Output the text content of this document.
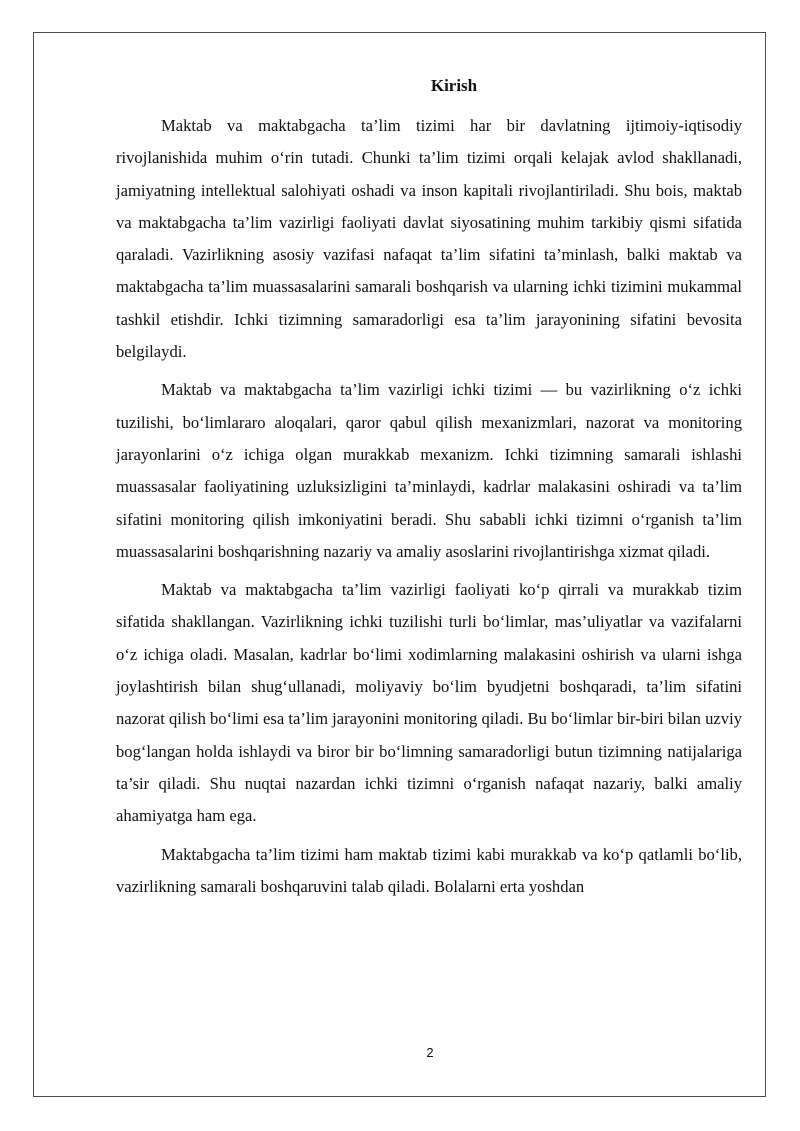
Kirish

Maktab va maktabgacha ta’lim tizimi har bir davlatning ijtimoiy-iqtisodiy rivojlanishida muhim o‘rin tutadi. Chunki ta’lim tizimi orqali kelajak avlod shakllanadi, jamiyatning intellektual salohiyati oshadi va inson kapitali rivojlantiriladi. Shu bois, maktab va maktabgacha ta’lim vazirligi faoliyati davlat siyosatining muhim tarkibiy qismi sifatida qaraladi. Vazirlikning asosiy vazifasi nafaqat ta’lim sifatini ta’minlash, balki maktab va maktabgacha ta’lim muassasalarini samarali boshqarish va ularning ichki tizimini mukammal tashkil etishdir. Ichki tizimning samaradorligi esa ta’lim jarayonining sifatini bevosita belgilaydi.

Maktab va maktabgacha ta’lim vazirligi ichki tizimi — bu vazirlikning o‘z ichki tuzilishi, bo‘limlararo aloqalari, qaror qabul qilish mexanizmlari, nazorat va monitoring jarayonlarini o‘z ichiga olgan murakkab mexanizm. Ichki tizimning samarali ishlashi muassasalar faoliyatining uzluksizligini ta’minlaydi, kadrlar malakasini oshiradi va ta’lim sifatini monitoring qilish imkoniyatini beradi. Shu sababli ichki tizimni o‘rganish ta’lim muassasalarini boshqarishning nazariy va amaliy asoslarini rivojlantirishga xizmat qiladi.

Maktab va maktabgacha ta’lim vazirligi faoliyati ko‘p qirrali va murakkab tizim sifatida shakllangan. Vazirlikning ichki tuzilishi turli bo‘limlar, mas’uliyatlar va vazifalarni o‘z ichiga oladi. Masalan, kadrlar bo‘limi xodimlarning malakasini oshirish va ularni ishga joylashtirish bilan shug‘ullanadi, moliyaviy bo‘lim byudjetni boshqaradi, ta’lim sifatini nazorat qilish bo‘limi esa ta’lim jarayonini monitoring qiladi. Bu bo‘limlar bir-biri bilan uzviy bog‘langan holda ishlaydi va biror bir bo‘limning samaradorligi butun tizimning natijalariga ta’sir qiladi. Shu nuqtai nazardan ichki tizimni o‘rganish nafaqat nazariy, balki amaliy ahamiyatga ham ega.

Maktabgacha ta’lim tizimi ham maktab tizimi kabi murakkab va ko‘p qatlamli bo‘lib, vazirlikning samarali boshqaruvini talab qiladi. Bolalarni erta yoshdan

2
